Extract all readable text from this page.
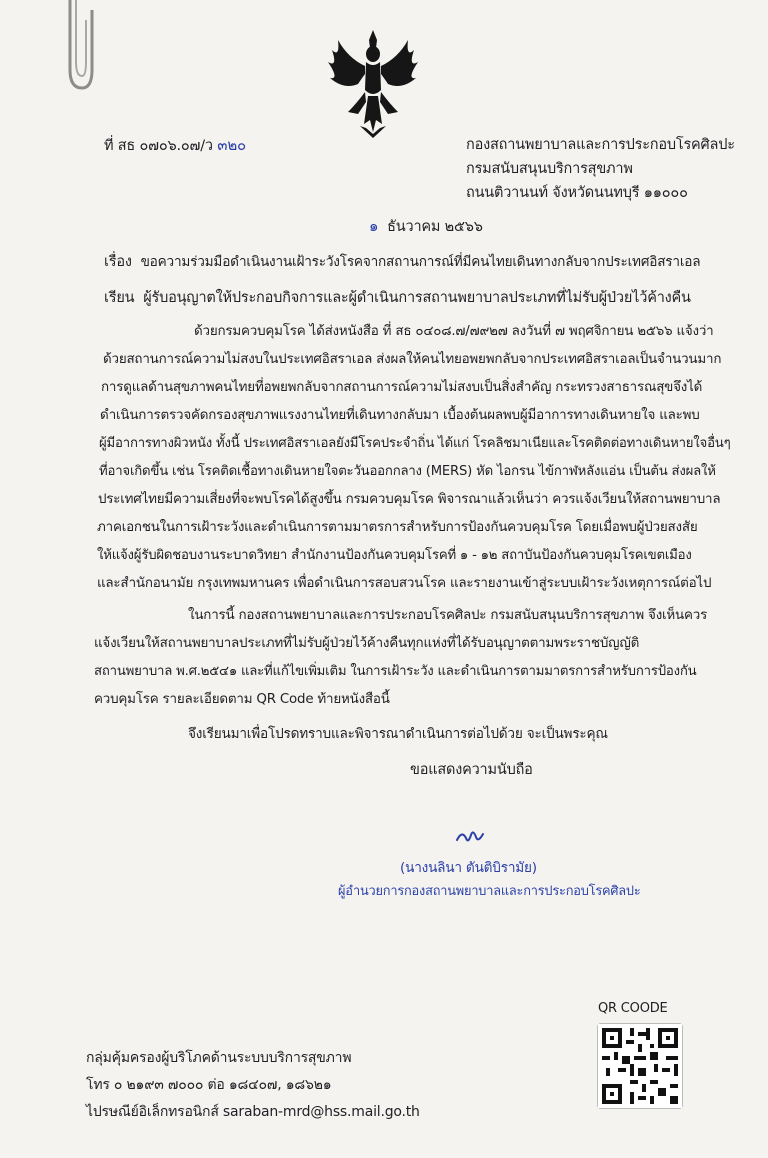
ที่ สธ ๐๗๐๖.๐๗/ว ๓๒๐	กองสถานพยาบาลและการประกอบโรคศิลปะ
กรมสนับสนุนบริการสุขภาพ
ถนนติวานนท์ จังหวัดนนทบุรี ๑๑๐๐๐
๑ ธันวาคม ๒๕๖๖
เรื่อง ขอความร่วมมือดำเนินงานเฝ้าระวังโรคจากสถานการณ์ที่มีคนไทยเดินทางกลับจากประเทศอิสราเอล
เรียน ผู้รับอนุญาตให้ประกอบกิจการและผู้ดำเนินการสถานพยาบาลประเภทที่ไม่รับผู้ป่วยไว้ค้างคืน
ด้วยกรมควบคุมโรค ได้ส่งหนังสือ ที่ สธ ๐๔๐๘.๗/๗๙๒๗ ลงวันที่ ๗ พฤศจิกายน ๒๕๖๖ แจ้งว่า
ด้วยสถานการณ์ความไม่สงบในประเทศอิสราเอล ส่งผลให้คนไทยอพยพกลับจากประเทศอิสราเอลเป็นจำนวนมาก
การดูแลด้านสุขภาพคนไทยที่อพยพกลับจากสถานการณ์ความไม่สงบเป็นสิ่งสำคัญ กระทรวงสาธารณสุขจึงได้
ดำเนินการตรวจคัดกรองสุขภาพแรงงานไทยที่เดินทางกลับมา เบื้องต้นผลพบผู้มีอาการทางเดินหายใจ และพบ
ผู้มีอาการทางผิวหนัง ทั้งนี้ ประเทศอิสราเอลยังมีโรคประจำถิ่น ได้แก่ โรคลิชมาเนียและโรคติดต่อทางเดินหายใจอื่นๆ
ที่อาจเกิดขึ้น เช่น โรคติดเชื้อทางเดินหายใจตะวันออกกลาง (MERS) หัด ไอกรน ไข้กาฬหลังแอ่น เป็นต้น ส่งผลให้
ประเทศไทยมีความเสี่ยงที่จะพบโรคได้สูงขึ้น กรมควบคุมโรค พิจารณาแล้วเห็นว่า ควรแจ้งเวียนให้สถานพยาบาล
ภาคเอกชนในการเฝ้าระวังและดำเนินการตามมาตรการสำหรับการป้องกันควบคุมโรค โดยเมื่อพบผู้ป่วยสงสัย
ให้แจ้งผู้รับผิดชอบงานระบาดวิทยา สำนักงานป้องกันควบคุมโรคที่ ๑ - ๑๒ สถาบันป้องกันควบคุมโรคเขตเมือง
และสำนักอนามัย กรุงเทพมหานคร เพื่อดำเนินการสอบสวนโรค และรายงานเข้าสู่ระบบเฝ้าระวังเหตุการณ์ต่อไป
ในการนี้ กองสถานพยาบาลและการประกอบโรคศิลปะ กรมสนับสนุนบริการสุขภาพ จึงเห็นควร
แจ้งเวียนให้สถานพยาบาลประเภทที่ไม่รับผู้ป่วยไว้ค้างคืนทุกแห่งที่ได้รับอนุญาตตามพระราชบัญญัติ
สถานพยาบาล พ.ศ.๒๕๔๑ และที่แก้ไขเพิ่มเติม ในการเฝ้าระวัง และดำเนินการตามมาตรการสำหรับการป้องกัน
ควบคุมโรค รายละเอียดตาม QR Code ท้ายหนังสือนี้
จึงเรียนมาเพื่อโปรดทราบและพิจารณาดำเนินการต่อไปด้วย จะเป็นพระคุณ
ขอแสดงความนับถือ
(นางนลินา ตันติบิรามัย)
ผู้อำนวยการกองสถานพยาบาลและการประกอบโรคศิลปะ
QR COODE
กลุ่มคุ้มครองผู้บริโภคด้านระบบบริการสุขภาพ
โทร ๐ ๒๑๙๓ ๗๐๐๐ ต่อ ๑๘๔๐๗, ๑๘๖๒๑
ไปรษณีย์อิเล็กทรอนิกส์ saraban-mrd@hss.mail.go.th
